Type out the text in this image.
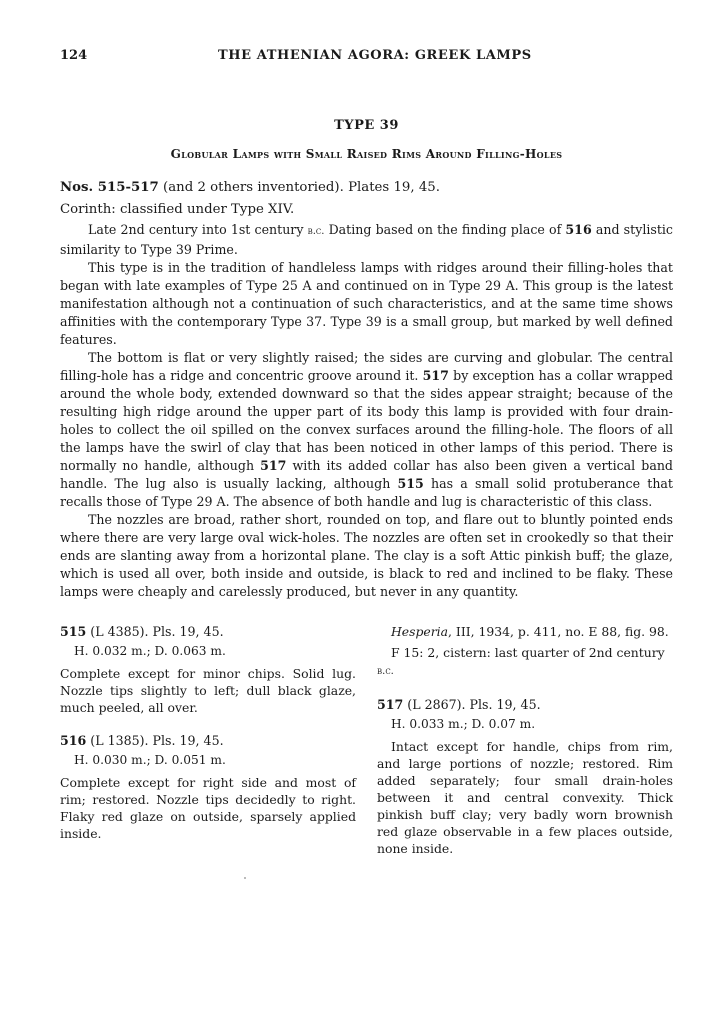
124	THE ATHENIAN AGORA: GREEK LAMPS
TYPE 39
Globular Lamps with Small Raised Rims Around Filling-Holes
Nos. 515-517 (and 2 others inventoried). Plates 19, 45.
Corinth: classified under Type XIV.

Late 2nd century into 1st century b.c. Dating based on the finding place of 516 and stylistic similarity to Type 39 Prime.

This type is in the tradition of handleless lamps with ridges around their filling-holes that began with late examples of Type 25 A and continued on in Type 29 A. This group is the latest manifestation although not a continuation of such characteristics, and at the same time shows affinities with the contemporary Type 37. Type 39 is a small group, but marked by well defined features.

The bottom is flat or very slightly raised; the sides are curving and globular. The central filling-hole has a ridge and concentric groove around it. 517 by exception has a collar wrapped around the whole body, extended downward so that the sides appear straight; because of the resulting high ridge around the upper part of its body this lamp is provided with four drain-holes to collect the oil spilled on the convex surfaces around the filling-hole. The floors of all the lamps have the swirl of clay that has been noticed in other lamps of this period. There is normally no handle, although 517 with its added collar has also been given a vertical band handle. The lug also is usually lacking, although 515 has a small solid protuberance that recalls those of Type 29 A. The absence of both handle and lug is characteristic of this class.

The nozzles are broad, rather short, rounded on top, and flare out to bluntly pointed ends where there are very large oval wick-holes. The nozzles are often set in crookedly so that their ends are slanting away from a horizontal plane. The clay is a soft Attic pinkish buff; the glaze, which is used all over, both inside and outside, is black to red and inclined to be flaky. These lamps were cheaply and carelessly produced, but never in any quantity.

515 (L 4385). Pls. 19, 45.
H. 0.032 m.; D. 0.063 m.
Complete except for minor chips. Solid lug. Nozzle tips slightly to left; dull black glaze, much peeled, all over.
516 (L 1385). Pls. 19, 45.
H. 0.030 m.; D. 0.051 m.
Complete except for right side and most of rim; restored. Nozzle tips decidedly to right. Flaky red glaze on outside, sparsely applied inside.
Hesperia, III, 1934, p. 411, no. E 88, fig. 98.
F 15: 2, cistern: last quarter of 2nd century b.c.
517 (L 2867). Pls. 19, 45.
H. 0.033 m.; D. 0.07 m.
Intact except for handle, chips from rim, and large portions of nozzle; restored. Rim added separately; four small drain-holes between it and central convexity. Thick pinkish buff clay; very badly worn brownish red glaze observable in a few places outside, none inside.
